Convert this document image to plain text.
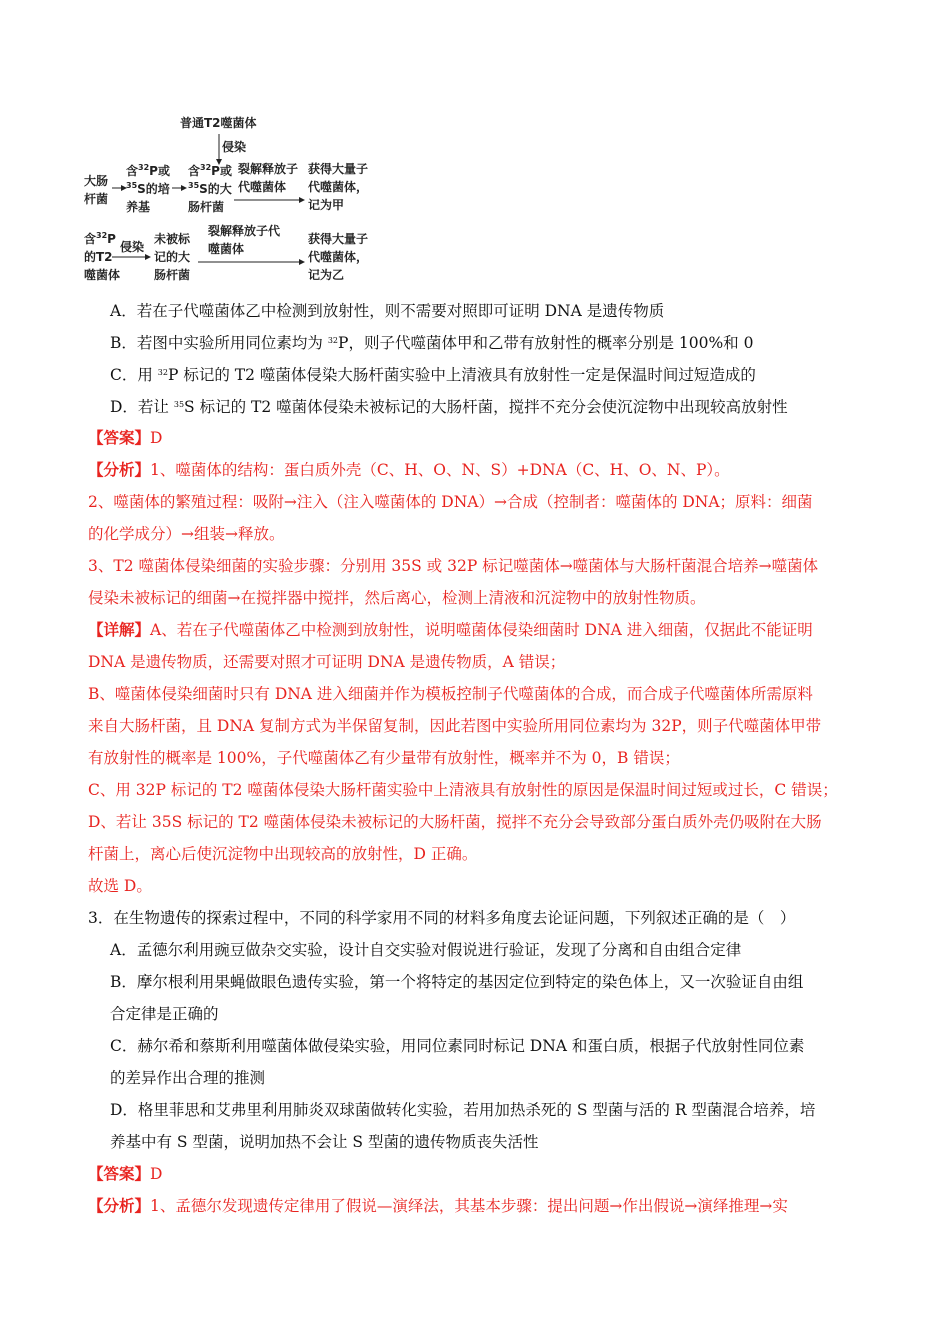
普通T2噬菌体
侵染
大肠
杆菌
含$^{32}$P或
$^{35}$S的培
养基
含$^{32}$P或
$^{35}$S的大
肠杆菌
裂解释放子
代噬菌体
获得大量子
代噬菌体，
记为甲
含$^{32}$P
的T2
噬菌体
侵染
未被标
记的大
肠杆菌
裂解释放子代
噬菌体
获得大量子
代噬菌体，
记为乙
A．若在子代噬菌体乙中检测到放射性，则不需要对照即可证明 DNA 是遗传物质
B．若图中实验所用同位素均为 $^{32}$P，则子代噬菌体甲和乙带有放射性的概率分别是 100%和 0
C．用 $^{32}$P 标记的 T2 噬菌体侵染大肠杆菌实验中上清液具有放射性一定是保温时间过短造成的
D．若让 $^{35}$S 标记的 T2 噬菌体侵染未被标记的大肠杆菌，搅拌不充分会使沉淀物中出现较高放射性
【答案】D
【分析】1、噬菌体的结构：蛋白质外壳（C、H、O、N、S）+DNA（C、H、O、N、P）。
2、噬菌体的繁殖过程：吸附→注入（注入噬菌体的 DNA）→合成（控制者：噬菌体的 DNA；原料：细菌
的化学成分）→组装→释放。
3、T2 噬菌体侵染细菌的实验步骤：分别用 35S 或 32P 标记噬菌体→噬菌体与大肠杆菌混合培养→噬菌体
侵染未被标记的细菌→在搅拌器中搅拌，然后离心，检测上清液和沉淀物中的放射性物质。
【详解】A、若在子代噬菌体乙中检测到放射性，说明噬菌体侵染细菌时 DNA 进入细菌，仅据此不能证明
DNA 是遗传物质，还需要对照才可证明 DNA 是遗传物质，A 错误；
B、噬菌体侵染细菌时只有 DNA 进入细菌并作为模板控制子代噬菌体的合成，而合成子代噬菌体所需原料
来自大肠杆菌，且 DNA 复制方式为半保留复制，因此若图中实验所用同位素均为 32P，则子代噬菌体甲带
有放射性的概率是 100%，子代噬菌体乙有少量带有放射性，概率并不为 0，B 错误；
C、用 32P 标记的 T2 噬菌体侵染大肠杆菌实验中上清液具有放射性的原因是保温时间过短或过长，C 错误；
D、若让 35S 标记的 T2 噬菌体侵染未被标记的大肠杆菌，搅拌不充分会导致部分蛋白质外壳仍吸附在大肠
杆菌上，离心后使沉淀物中出现较高的放射性，D 正确。
故选 D。
3．在生物遗传的探索过程中，不同的科学家用不同的材料多角度去论证问题，下列叙述正确的是（　）
A．孟德尔利用豌豆做杂交实验，设计自交实验对假说进行验证，发现了分离和自由组合定律
B．摩尔根利用果蝇做眼色遗传实验，第一个将特定的基因定位到特定的染色体上，又一次验证自由组
合定律是正确的
C．赫尔希和蔡斯利用噬菌体做侵染实验，用同位素同时标记 DNA 和蛋白质，根据子代放射性同位素
的差异作出合理的推测
D．格里菲思和艾弗里利用肺炎双球菌做转化实验，若用加热杀死的 S 型菌与活的 R 型菌混合培养，培
养基中有 S 型菌，说明加热不会让 S 型菌的遗传物质丧失活性
【答案】D
【分析】1、孟德尔发现遗传定律用了假说—演绎法，其基本步骤：提出问题→作出假说→演绎推理→实
